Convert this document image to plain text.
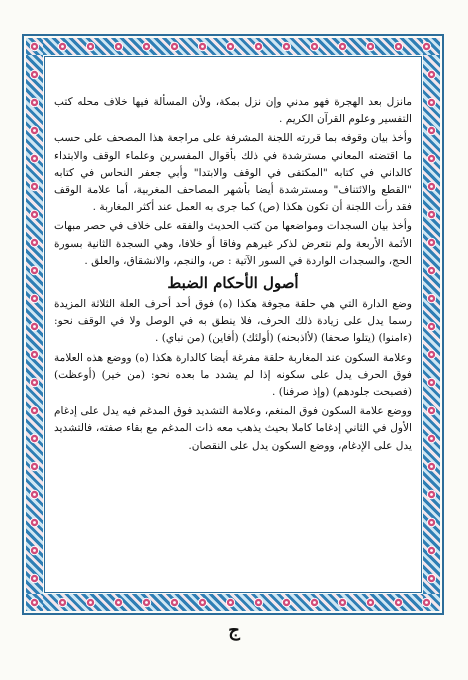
مانزل بعد الهجرة فهو مدني وإن نزل بمكة، ولأن المسألة فيها خلاف محله كتب التفسير وعلوم القرآن الكريم .

وأخذ بيان وقوفه بما قررته اللجنة المشرفة على مراجعة هذا المصحف على حسب ما اقتضته المعاني مسترشدة في ذلك بأقوال المفسرين وعلماء الوقف والابتداء كالداني في كتابه "المكتفى في الوقف والابتدا" وأبي جعفر النحاس في كتابه "القطع والائتناف" ومسترشدة أيضا بأشهر المصاحف المغربية، أما علامة الوقف فقد رأت اللجنة أن تكون هكذا (ص) كما جرى به العمل عند أكثر المغاربة .

وأخذ بيان السجدات ومواضعها من كتب الحديث والفقه على خلاف في حصر مبهات الأئمة الأربعة ولم نتعرض لذكر غيرهم وفاقا أو خلافا، وهي السجدة الثانية بسورة الحج، والسجدات الواردة في السور الآتية : ص، والنجم، والانشقاق، والعلق .

أصول الأحكام الضبط

وضع الدارة التي هي حلقة مجوفة هكذا (ه) فوق أحد أحرف العلة الثلاثة المزيدة رسما يدل على زيادة ذلك الحرف، فلا ينطق به في الوصل ولا في الوقف نحو: (ءامنوا) (يتلوا صحفا) (لأاذبحنه) (أولئك) (أفاين) (من نباي) .

وعلامة السكون عند المغاربة حلقة مفرغة أيضا كالدارة هكذا (ه) ووضع هذه العلامة فوق الحرف يدل على سكونه إذا لم يشدد ما بعده نحو: (من خير) (أوعظت) (فصبحت جلودهم) (وإذ صرفنا) .

ووضع علامة السكون فوق المنغم، وعلامة التشديد فوق المدغم فيه يدل على إدغام الأول في الثاني إدغاما كاملا بحيث يذهب معه ذات المدغم مع بقاء صفته، فالتشديد يدل على الإدغام، ووضع السكون يدل على النقصان.

ج
